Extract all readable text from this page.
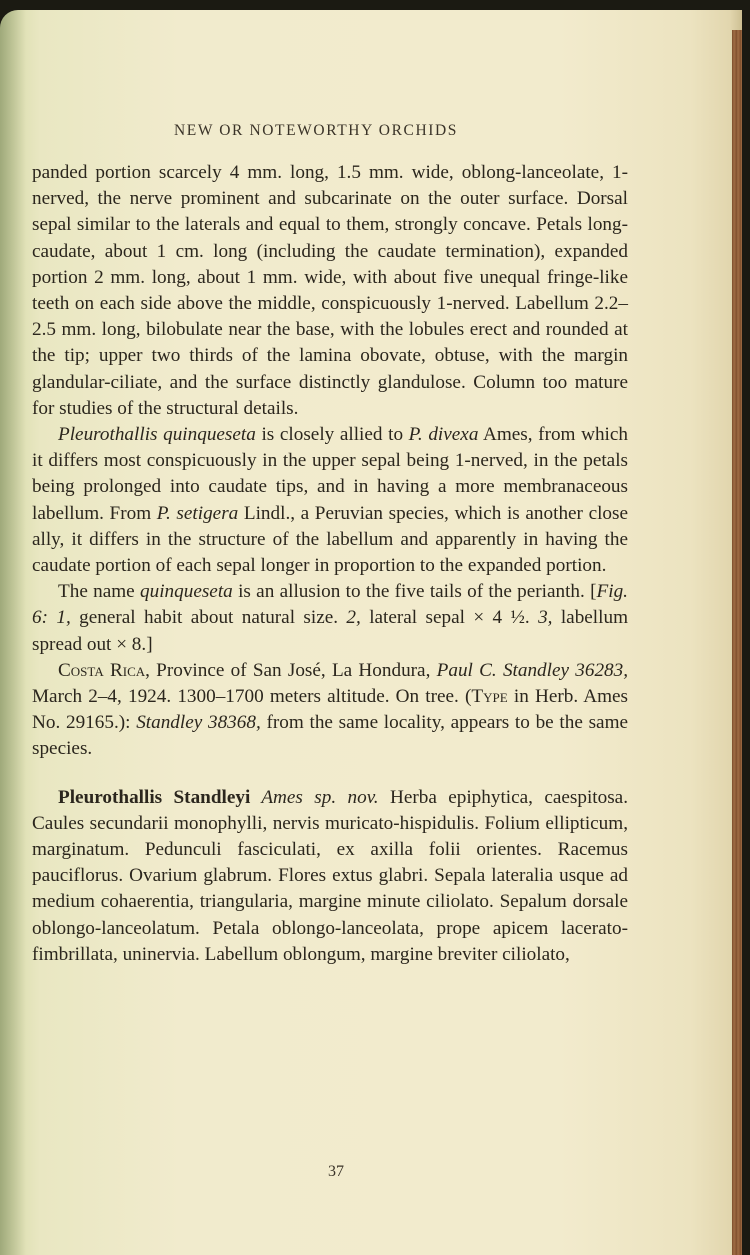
NEW OR NOTEWORTHY ORCHIDS

panded portion scarcely 4 mm. long, 1.5 mm. wide, oblong-lanceolate, 1-nerved, the nerve prominent and subcarinate on the outer surface. Dorsal sepal similar to the laterals and equal to them, strongly concave. Petals long-caudate, about 1 cm. long (including the caudate termination), expanded portion 2 mm. long, about 1 mm. wide, with about five unequal fringe-like teeth on each side above the middle, conspicuously 1-nerved. Labellum 2.2–2.5 mm. long, bilobulate near the base, with the lobules erect and rounded at the tip; upper two thirds of the lamina obovate, obtuse, with the margin glandular-ciliate, and the surface distinctly glandulose. Column too mature for studies of the structural details.

Pleurothallis quinqueseta is closely allied to P. divexa Ames, from which it differs most conspicuously in the upper sepal being 1-nerved, in the petals being prolonged into caudate tips, and in having a more membranaceous labellum. From P. setigera Lindl., a Peruvian species, which is another close ally, it differs in the structure of the labellum and apparently in having the caudate portion of each sepal longer in proportion to the expanded portion.

The name quinqueseta is an allusion to the five tails of the perianth. [Fig. 6: 1, general habit about natural size. 2, lateral sepal × 4 ½. 3, labellum spread out × 8.]

Costa Rica, Province of San José, La Hondura, Paul C. Standley 36283, March 2–4, 1924. 1300–1700 meters altitude. On tree. (Type in Herb. Ames No. 29165.): Standley 38368, from the same locality, appears to be the same species.

Pleurothallis Standleyi Ames sp. nov. Herba epiphytica, caespitosa. Caules secundarii monophylli, nervis muricato-hispidulis. Folium ellipticum, marginatum. Pedunculi fasciculati, ex axilla folii orientes. Racemus pauciflorus. Ovarium glabrum. Flores extus glabri. Sepala lateralia usque ad medium cohaerentia, triangularia, margine minute ciliolato. Sepalum dorsale oblongo-lanceolatum. Petala oblongo-lanceolata, prope apicem lacerato-fimbrillata, uninervia. Labellum oblongum, margine breviter ciliolato,

37
